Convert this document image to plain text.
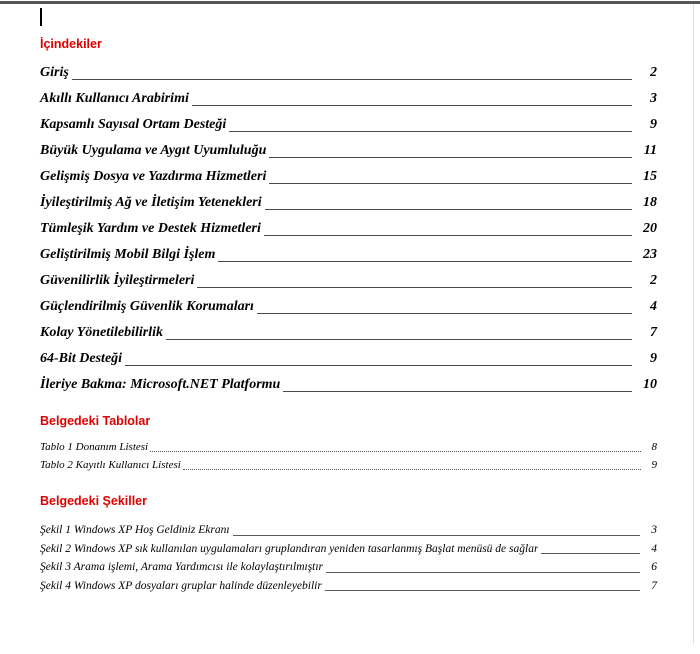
İçindekiler
Giriş	2
Akıllı Kullanıcı Arabirimi	3
Kapsamlı Sayısal Ortam Desteği	9
Büyük Uygulama ve Aygıt Uyumluluğu	11
Gelişmiş Dosya ve Yazdırma Hizmetleri	15
İyileştirilmiş Ağ ve İletişim Yetenekleri	18
Tümleşik Yardım ve Destek Hizmetleri	20
Geliştirilmiş Mobil Bilgi İşlem	23
Güvenilirlik İyileştirmeleri	2
Güçlendirilmiş Güvenlik Korumaları	4
Kolay Yönetilebilirlik	7
64-Bit Desteği	9
İleriye Bakma: Microsoft.NET Platformu	10
Belgedeki Tablolar
Tablo 1 Donanım Listesi	8
Tablo 2 Kayıtlı Kullanıcı Listesi	9
Belgedeki Şekiller
Şekil 1 Windows XP Hoş Geldiniz Ekranı	3
Şekil 2 Windows XP sık kullanılan uygulamaları gruplandıran yeniden tasarlanmış Başlat menüsü de sağlar	4
Şekil 3 Arama işlemi, Arama Yardımcısı ile kolaylaştırılmıştır	6
Şekil 4 Windows XP dosyaları gruplar halinde düzenleyebilir	7
